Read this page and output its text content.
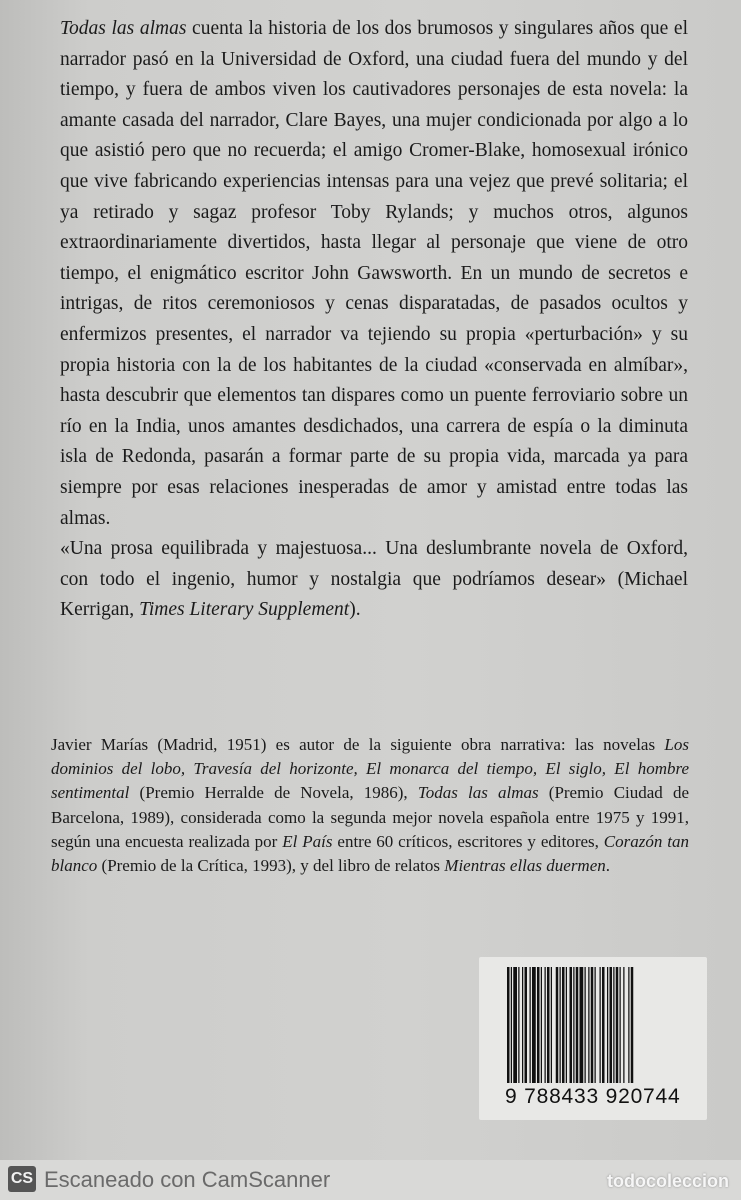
Todas las almas cuenta la historia de los dos brumosos y singulares años que el narrador pasó en la Universidad de Oxford, una ciudad fuera del mundo y del tiempo, y fuera de ambos viven los cautivadores personajes de esta novela: la amante casada del narrador, Clare Bayes, una mujer condicionada por algo a lo que asistió pero que no recuerda; el amigo Cromer-Blake, homosexual irónico que vive fabricando experiencias intensas para una vejez que prevé solitaria; el ya retirado y sagaz profesor Toby Rylands; y muchos otros, algunos extraordinariamente divertidos, hasta llegar al personaje que viene de otro tiempo, el enigmático escritor John Gawsworth. En un mundo de secretos e intrigas, de ritos ceremoniosos y cenas disparatadas, de pasados ocultos y enfermizos presentes, el narrador va tejiendo su propia «perturbación» y su propia historia con la de los habitantes de la ciudad «conservada en almíbar», hasta descubrir que elementos tan dispares como un puente ferroviario sobre un río en la India, unos amantes desdichados, una carrera de espía o la diminuta isla de Redonda, pasarán a formar parte de su propia vida, marcada ya para siempre por esas relaciones inesperadas de amor y amistad entre todas las almas.

«Una prosa equilibrada y majestuosa... Una deslumbrante novela de Oxford, con todo el ingenio, humor y nostalgia que podríamos desear» (Michael Kerrigan, Times Literary Supplement).

Javier Marías (Madrid, 1951) es autor de la siguiente obra narrativa: las novelas Los dominios del lobo, Travesía del horizonte, El monarca del tiempo, El siglo, El hombre sentimental (Premio Herralde de Novela, 1986), Todas las almas (Premio Ciudad de Barcelona, 1989), considerada como la segunda mejor novela española entre 1975 y 1991, según una encuesta realizada por El País entre 60 críticos, escritores y editores, Corazón tan blanco (Premio de la Crítica, 1993), y del libro de relatos Mientras ellas duermen.

9 788433 920744
CS Escaneado con CamScanner	todocoleccion
